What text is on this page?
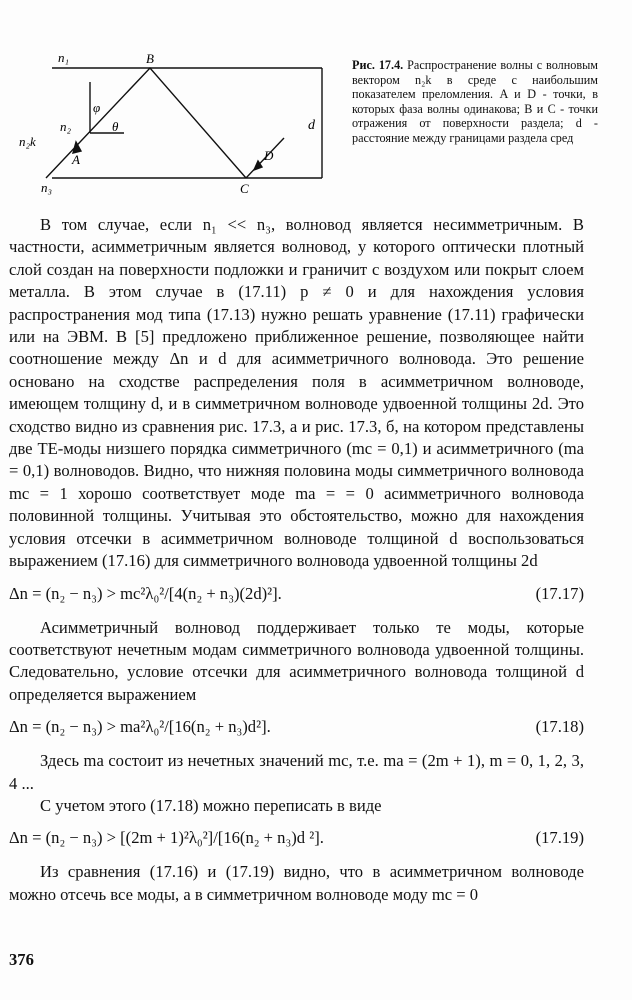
n₁	B
φ
θ
n₂
n₂k
A
n₃	C
D
d
Рис. 17.4. Распространение волны с волновым вектором n₂k в среде с наибольшим показателем преломления. A и D - точки, в которых фаза волны одинакова; B и C - точки отражения от поверхности раздела; d - расстояние между границами раздела сред

В том случае, если n₁ << n₃, волновод является несимметричным. В частности, асимметричным является волновод, у которого оптически плотный слой создан на поверхности подложки и граничит с воздухом или покрыт слоем металла. В этом случае в (17.11) p ≠ 0 и для нахождения условия распространения мод типа (17.13) нужно решать уравнение (17.11) графически или на ЭВМ. В [5] предложено приближенное решение, позволяющее найти соотношение между Δn и d для асимметричного волновода. Это решение основано на сходстве распределения поля в асимметричном волноводе, имеющем толщину d, и в симметричном волноводе удвоенной толщины 2d. Это сходство видно из сравнения рис. 17.3, а и рис. 17.3, б, на котором представлены две TE-моды низшего порядка симметричного (mc = 0,1) и асимметричного (ma = 0,1) волноводов. Видно, что нижняя половина моды симметричного волновода mc = 1 хорошо соответствует моде ma = = 0 асимметричного волновода половинной толщины. Учитывая это обстоятельство, можно для нахождения условия отсечки в асимметричном волноводе толщиной d воспользоваться выражением (17.16) для симметричного волновода удвоенной толщины 2d

Δn = (n₂ − n₃) > mc²λ₀²/[4(n₂ + n₃)(2d)²].	(17.17)

Асимметричный волновод поддерживает только те моды, которые соответствуют нечетным модам симметричного волновода удвоенной толщины. Следовательно, условие отсечки для асимметричного волновода толщиной d определяется выражением

Δn = (n₂ − n₃) > ma²λ₀²/[16(n₂ + n₃)d²].	(17.18)

Здесь ma состоит из нечетных значений mc, т.е. ma = (2m + 1), m = 0, 1, 2, 3, 4 ...

С учетом этого (17.18) можно переписать в виде

Δn = (n₂ − n₃) > [(2m + 1)²λ₀²]/[16(n₂ + n₃)d ²].	(17.19)

Из сравнения (17.16) и (17.19) видно, что в асимметричном волноводе можно отсечь все моды, а в симметричном волноводе моду mc = 0

376
